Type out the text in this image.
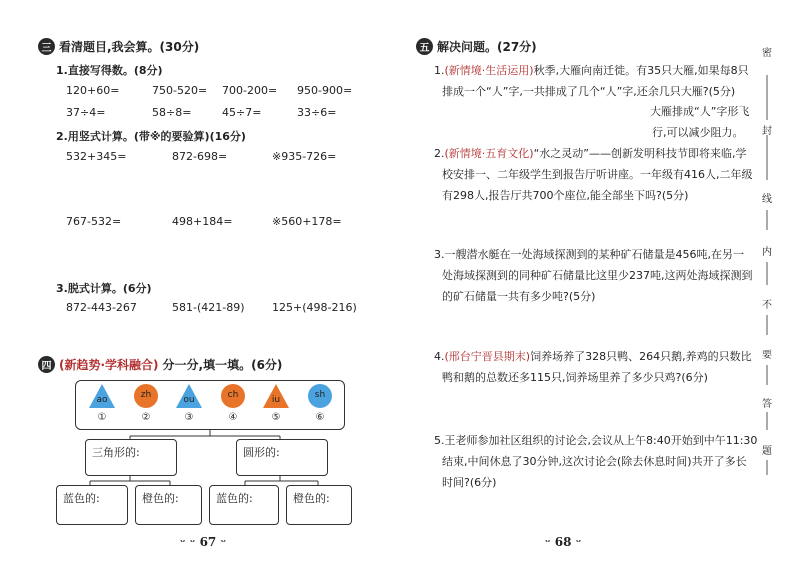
三 看清题目,我会算。(30分)
1.直接写得数。(8分)
120+60=	750-520= 700-200= 950-900=
37÷4=	58÷8=	45÷7=	33÷6=
2.用竖式计算。(带※的要验算)(16分)
532+345=	872-698=	※935-726=
767-532=	498+184=	※560+178=
3.脱式计算。(6分)
872-443-267	581-(421-89) 125+(498-216)
四 (新趋势·学科融合) 分一分,填一填。(6分)
ao
①
zh
②
ou
③
ch
④
iu
⑤
sh
⑥
三角形的:	圆形的:
蓝色的:	橙色的:	蓝色的:	橙色的:
ᵕ ᵕ 67 ᵕ
五 解决问题。(27分)
1.(新情境·生活运用)秋季,大雁向南迁徙。有35只大雁,如果每8只
排成一个“人”字,一共排成了几个“人”字,还余几只大雁?(5分)
大雁排成“人”字形飞
行,可以减少阻力。
2.(新情境·五育文化)“水之灵动”——创新发明科技节即将来临,学
校安排一、二年级学生到报告厅听讲座。一年级有416人,二年级
有298人,报告厅共700个座位,能全部坐下吗?(5分)
3.一艘潜水艇在一处海域探测到的某种矿石储量是456吨,在另一
处海域探测到的同种矿石储量比这里少237吨,这两处海域探测到
的矿石储量一共有多少吨?(5分)
4.(邢台宁晋县期末)饲养场养了328只鸭、264只鹅,养鸡的只数比
鸭和鹅的总数还多115只,饲养场里养了多少只鸡?(6分)
5.王老师参加社区组织的讨论会,会议从上午8:40开始到中午11:30
结束,中间休息了30分钟,这次讨论会(除去休息时间)共开了多长
时间?(6分)
密
封
线
内
不
要
答
题
ᵕ 68 ᵕ
